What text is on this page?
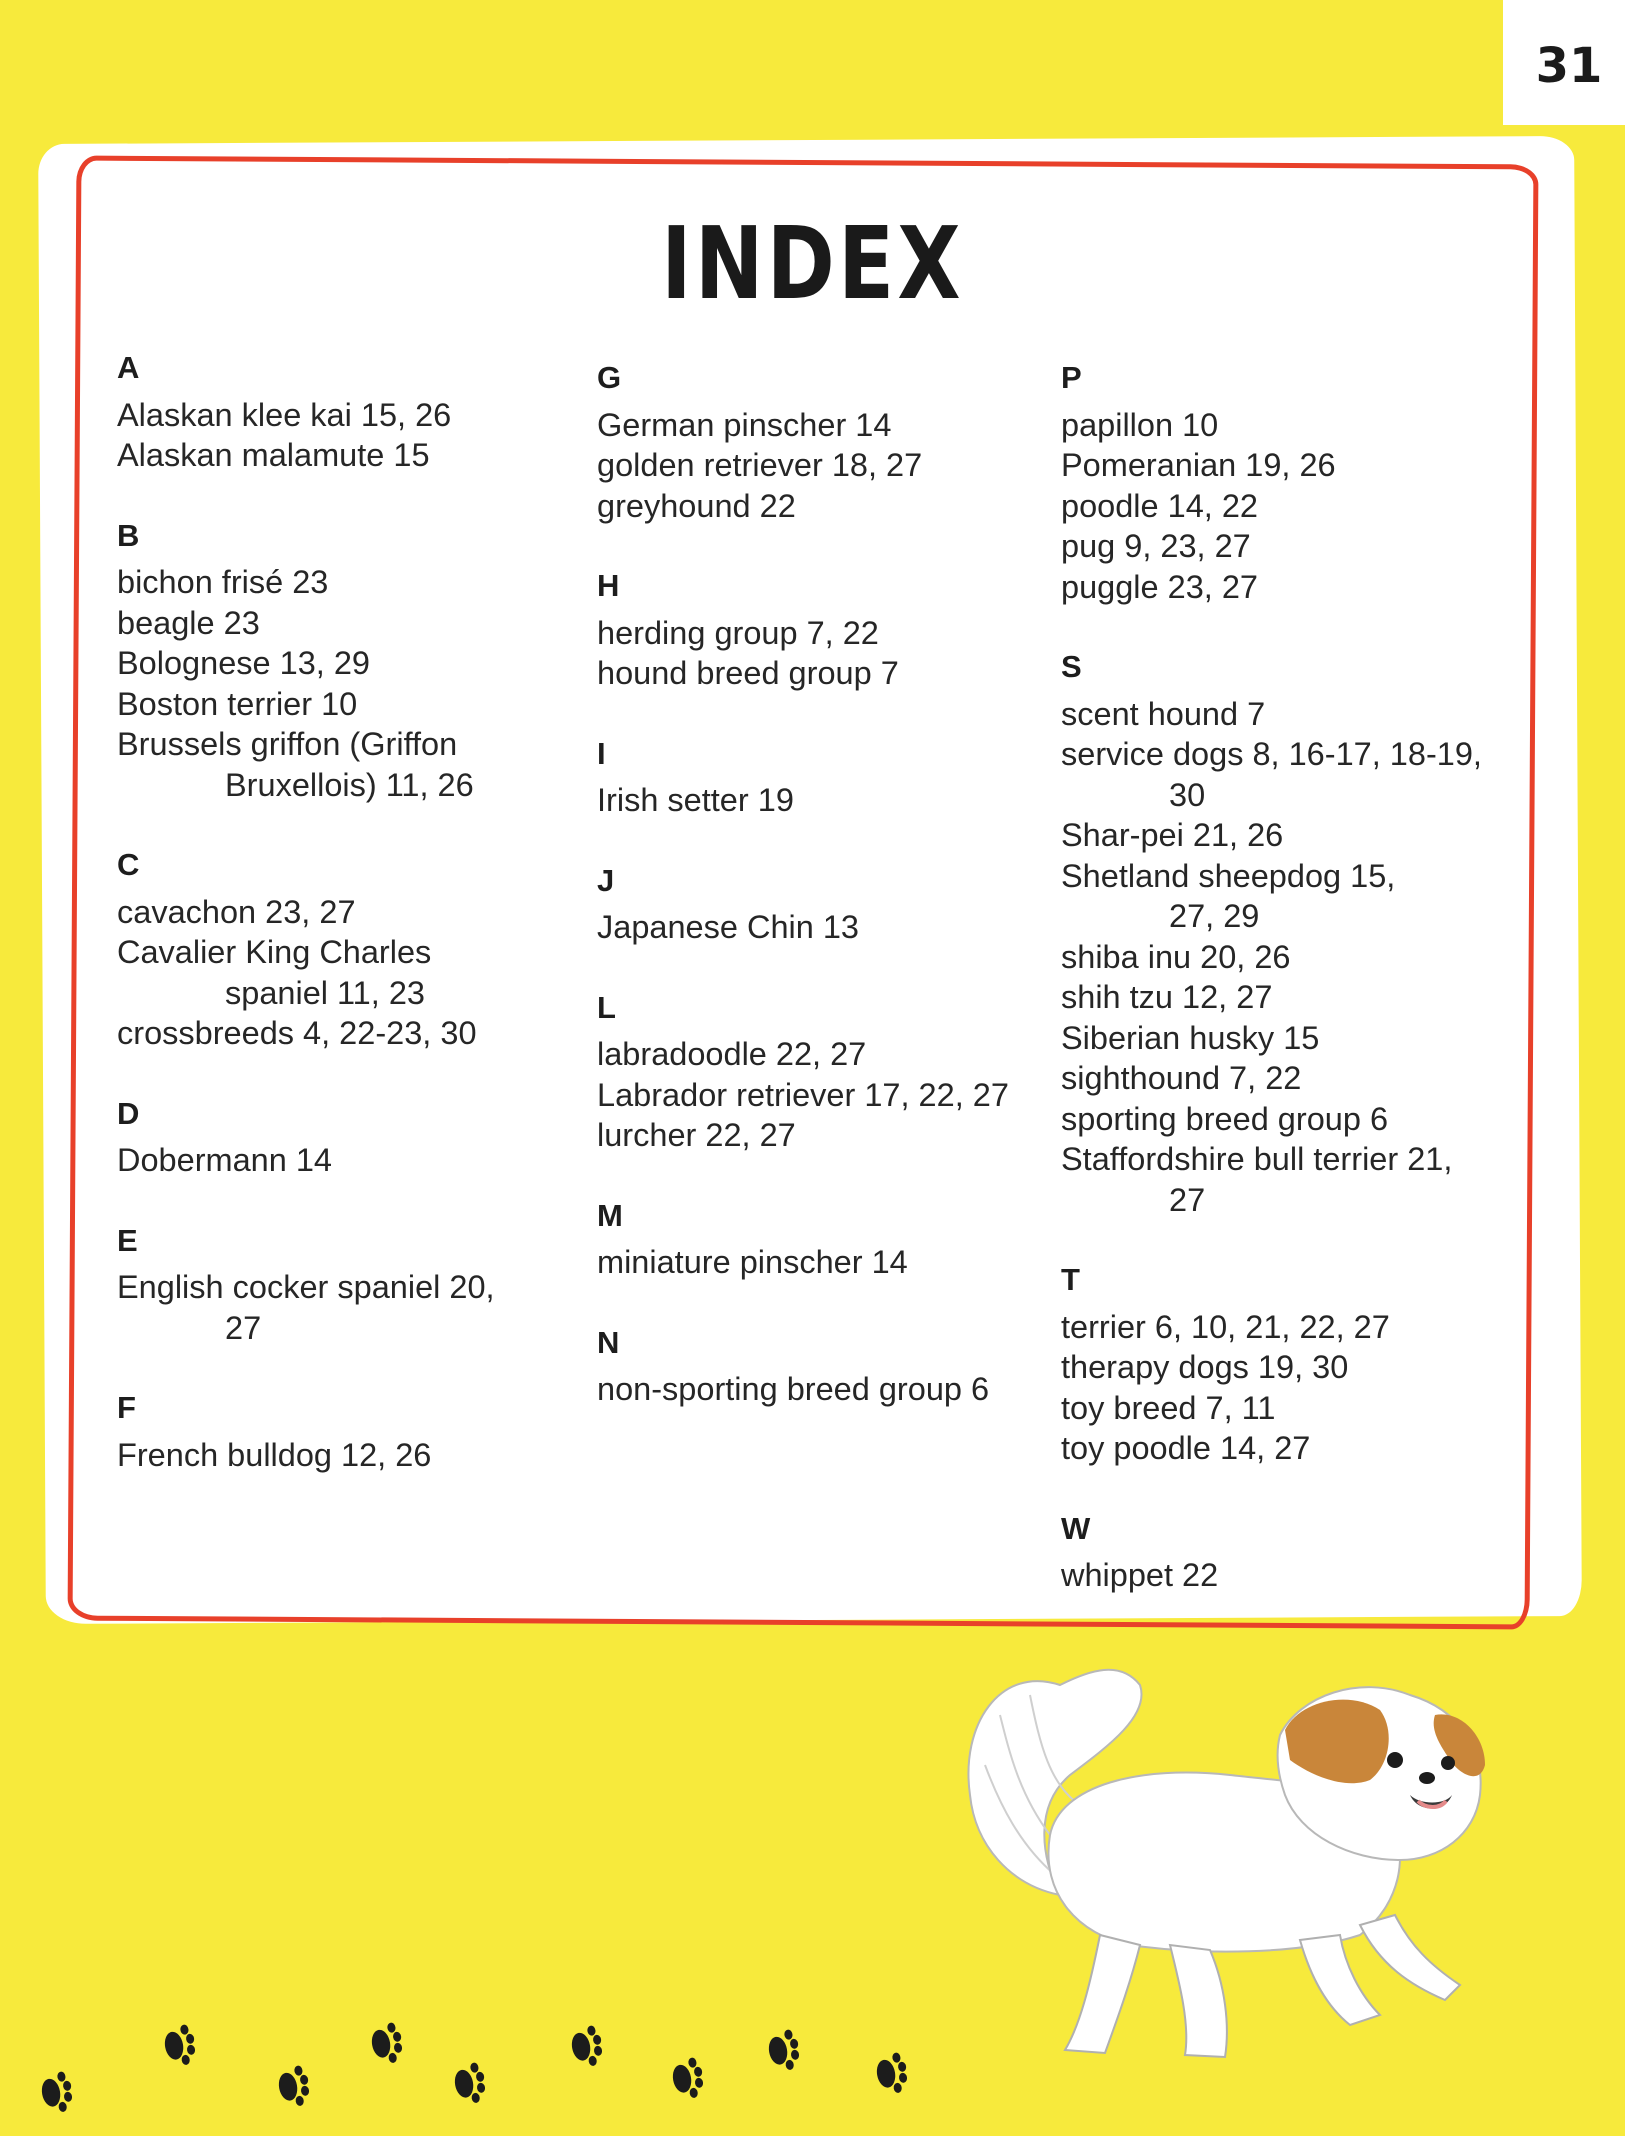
31
INDEX
A
Alaskan klee kai 15, 26
Alaskan malamute 15
B
bichon frisé 23
beagle 23
Bolognese 13, 29
Boston terrier 10
Brussels griffon (Griffon
Bruxellois) 11, 26
C
cavachon 23, 27
Cavalier King Charles
spaniel 11, 23
crossbreeds 4, 22-23, 30
D
Dobermann 14
E
English cocker spaniel 20,
27
F
French bulldog 12, 26
G
German pinscher 14
golden retriever 18, 27
greyhound 22
H
herding group 7, 22
hound breed group 7
I
Irish setter 19
J
Japanese Chin 13
L
labradoodle 22, 27
Labrador retriever 17, 22, 27
lurcher 22, 27
M
miniature pinscher 14
N
non-sporting breed group 6
P
papillon 10
Pomeranian 19, 26
poodle 14, 22
pug 9, 23, 27
puggle 23, 27
S
scent hound 7
service dogs 8, 16-17, 18-19,
30
Shar-pei 21, 26
Shetland sheepdog 15,
27, 29
shiba inu 20, 26
shih tzu 12, 27
Siberian husky 15
sighthound 7, 22
sporting breed group 6
Staffordshire bull terrier 21,
27
T
terrier 6, 10, 21, 22, 27
therapy dogs 19, 30
toy breed 7, 11
toy poodle 14, 27
W
whippet 22
